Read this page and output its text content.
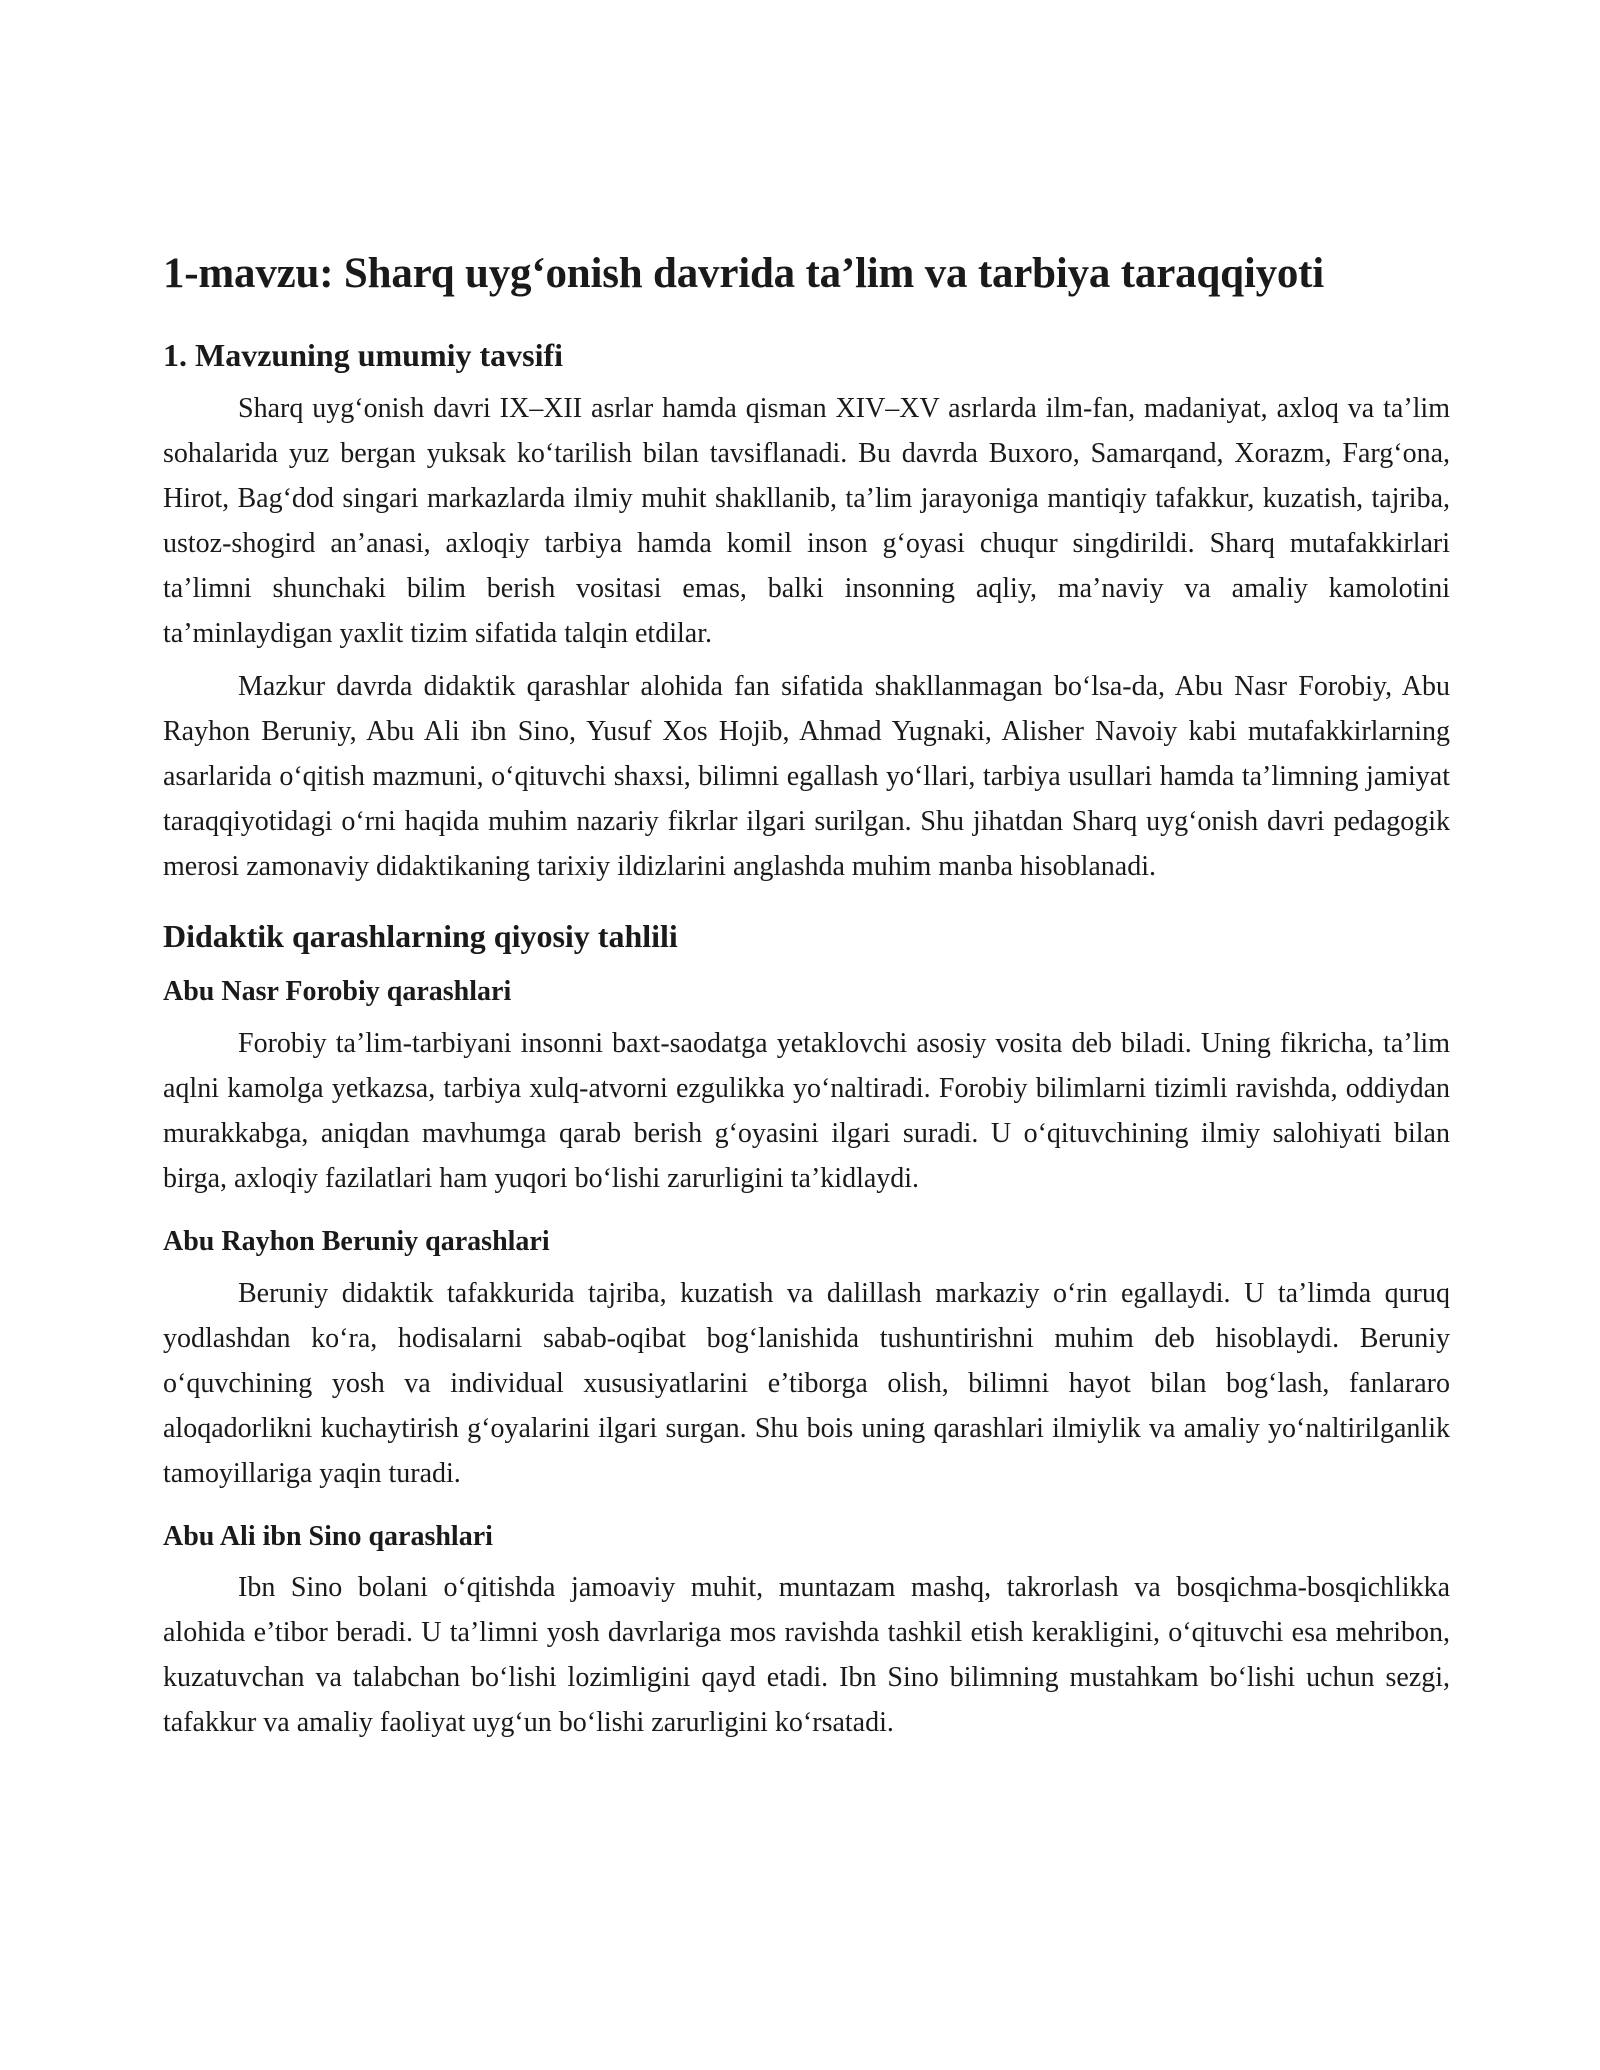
1-mavzu: Sharq uyg‘onish davrida ta’lim va tarbiya taraqqiyoti
1. Mavzuning umumiy tavsifi

Sharq uyg‘onish davri IX–XII asrlar hamda qisman XIV–XV asrlarda ilm-fan, madaniyat, axloq va ta’lim sohalarida yuz bergan yuksak ko‘tarilish bilan tavsiflanadi. Bu davrda Buxoro, Samarqand, Xorazm, Farg‘ona, Hirot, Bag‘dod singari markazlarda ilmiy muhit shakllanib, ta’lim jarayoniga mantiqiy tafakkur, kuzatish, tajriba, ustoz-shogird an’anasi, axloqiy tarbiya hamda komil inson g‘oyasi chuqur singdirildi. Sharq mutafakkirlari ta’limni shunchaki bilim berish vositasi emas, balki insonning aqliy, ma’naviy va amaliy kamolotini ta’minlaydigan yaxlit tizim sifatida talqin etdilar.

Mazkur davrda didaktik qarashlar alohida fan sifatida shakllanmagan bo‘lsa-da, Abu Nasr Forobiy, Abu Rayhon Beruniy, Abu Ali ibn Sino, Yusuf Xos Hojib, Ahmad Yugnaki, Alisher Navoiy kabi mutafakkirlarning asarlarida o‘qitish mazmuni, o‘qituvchi shaxsi, bilimni egallash yo‘llari, tarbiya usullari hamda ta’limning jamiyat taraqqiyotidagi o‘rni haqida muhim nazariy fikrlar ilgari surilgan. Shu jihatdan Sharq uyg‘onish davri pedagogik merosi zamonaviy didaktikaning tarixiy ildizlarini anglashda muhim manba hisoblanadi.

Didaktik qarashlarning qiyosiy tahlili
Abu Nasr Forobiy qarashlari

Forobiy ta’lim-tarbiyani insonni baxt-saodatga yetaklovchi asosiy vosita deb biladi. Uning fikricha, ta’lim aqlni kamolga yetkazsa, tarbiya xulq-atvorni ezgulikka yo‘naltiradi. Forobiy bilimlarni tizimli ravishda, oddiydan murakkabga, aniqdan mavhumga qarab berish g‘oyasini ilgari suradi. U o‘qituvchining ilmiy salohiyati bilan birga, axloqiy fazilatlari ham yuqori bo‘lishi zarurligini ta’kidlaydi.

Abu Rayhon Beruniy qarashlari

Beruniy didaktik tafakkurida tajriba, kuzatish va dalillash markaziy o‘rin egallaydi. U ta’limda quruq yodlashdan ko‘ra, hodisalarni sabab-oqibat bog‘lanishida tushuntirishni muhim deb hisoblaydi. Beruniy o‘quvchining yosh va individual xususiyatlarini e’tiborga olish, bilimni hayot bilan bog‘lash, fanlararo aloqadorlikni kuchaytirish g‘oyalarini ilgari surgan. Shu bois uning qarashlari ilmiylik va amaliy yo‘naltirilganlik tamoyillariga yaqin turadi.

Abu Ali ibn Sino qarashlari

Ibn Sino bolani o‘qitishda jamoaviy muhit, muntazam mashq, takrorlash va bosqichma-bosqichlikka alohida e’tibor beradi. U ta’limni yosh davrlariga mos ravishda tashkil etish kerakligini, o‘qituvchi esa mehribon, kuzatuvchan va talabchan bo‘lishi lozimligini qayd etadi. Ibn Sino bilimning mustahkam bo‘lishi uchun sezgi, tafakkur va amaliy faoliyat uyg‘un bo‘lishi zarurligini ko‘rsatadi.
